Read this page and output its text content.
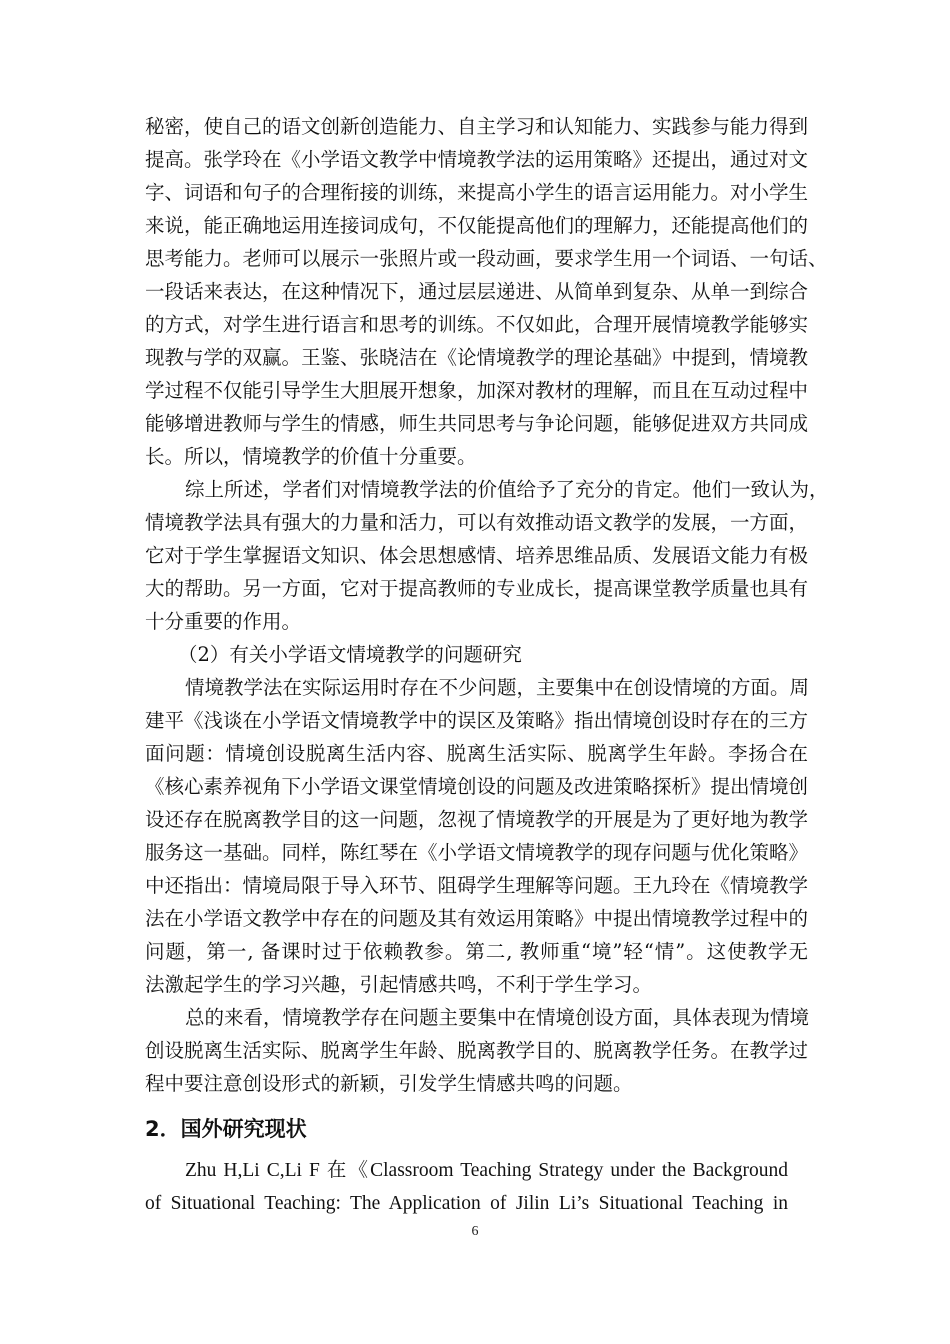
秘密，使自己的语文创新创造能力、自主学习和认知能力、实践参与能力得到
提高。张学玲在《小学语文教学中情境教学法的运用策略》还提出，通过对文
字、词语和句子的合理衔接的训练，来提高小学生的语言运用能力。对小学生
来说，能正确地运用连接词成句，不仅能提高他们的理解力，还能提高他们的
思考能力。老师可以展示一张照片或一段动画，要求学生用一个词语、一句话、
一段话来表达，在这种情况下，通过层层递进、从简单到复杂、从单一到综合
的方式，对学生进行语言和思考的训练。不仅如此，合理开展情境教学能够实
现教与学的双赢。王鉴、张晓洁在《论情境教学的理论基础》中提到，情境教
学过程不仅能引导学生大胆展开想象，加深对教材的理解，而且在互动过程中
能够增进教师与学生的情感，师生共同思考与争论问题，能够促进双方共同成
长。所以，情境教学的价值十分重要。
综上所述，学者们对情境教学法的价值给予了充分的肯定。他们一致认为，
情境教学法具有强大的力量和活力，可以有效推动语文教学的发展，一方面，
它对于学生掌握语文知识、体会思想感情、培养思维品质、发展语文能力有极
大的帮助。另一方面，它对于提高教师的专业成长，提高课堂教学质量也具有
十分重要的作用。
（2）有关小学语文情境教学的问题研究
情境教学法在实际运用时存在不少问题，主要集中在创设情境的方面。周
建平《浅谈在小学语文情境教学中的误区及策略》指出情境创设时存在的三方
面问题：情境创设脱离生活内容、脱离生活实际、脱离学生年龄。李扬合在
《核心素养视角下小学语文课堂情境创设的问题及改进策略探析》提出情境创
设还存在脱离教学目的这一问题，忽视了情境教学的开展是为了更好地为教学
服务这一基础。同样，陈红琴在《小学语文情境教学的现存问题与优化策略》
中还指出：情境局限于导入环节、阻碍学生理解等问题。王九玲在《情境教学
法在小学语文教学中存在的问题及其有效运用策略》中提出情境教学过程中的
问题，第一, 备课时过于依赖教参。第二, 教师重“境”轻“情”。这使教学无
法激起学生的学习兴趣，引起情感共鸣，不利于学生学习。
总的来看，情境教学存在问题主要集中在情境创设方面，具体表现为情境
创设脱离生活实际、脱离学生年龄、脱离教学目的、脱离教学任务。在教学过
程中要注意创设形式的新颖，引发学生情感共鸣的问题。
2．国外研究现状
Zhu H,Li C,Li F 在《Classroom Teaching Strategy under the Background
of Situational Teaching: The Application of Jilin Li’s Situational Teaching in
6
